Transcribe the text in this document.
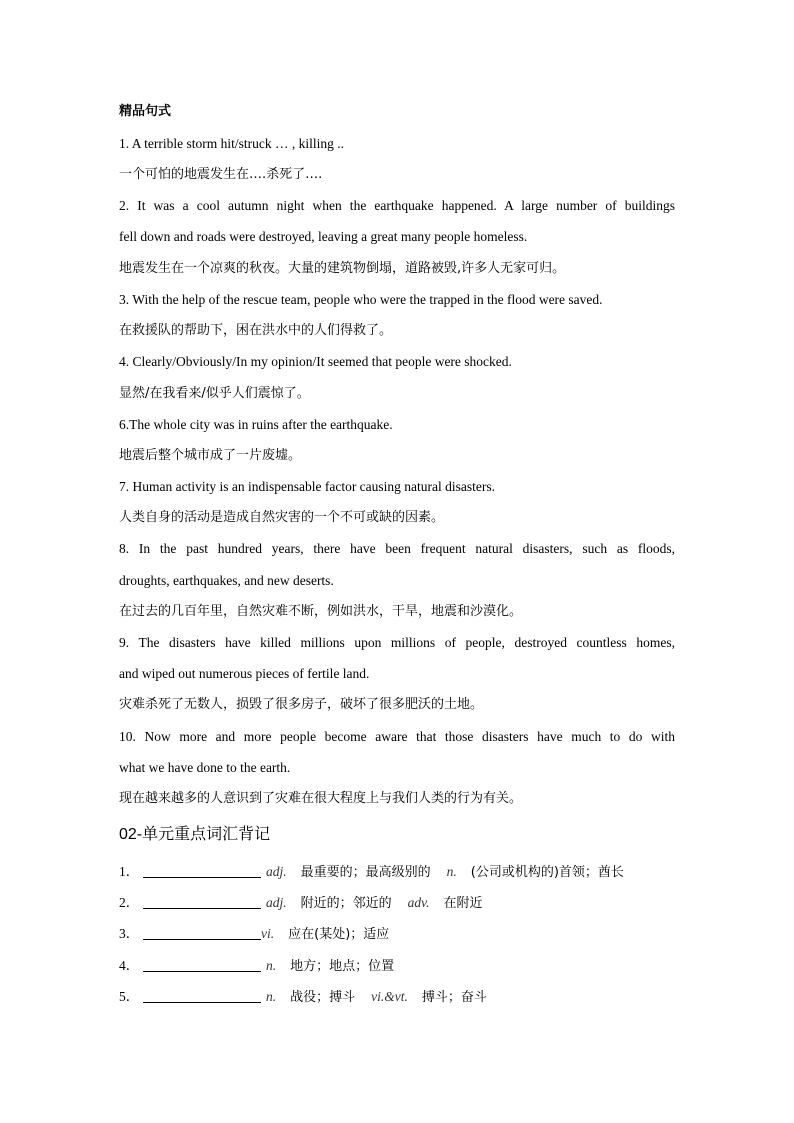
精品句式
1. A terrible storm hit/struck … , killing ..
一个可怕的地震发生在….杀死了….
2. It was a cool autumn night when the earthquake happened. A large number of buildings
fell down and roads were destroyed, leaving a great many people homeless.
地震发生在一个凉爽的秋夜。大量的建筑物倒塌，道路被毁,许多人无家可归。
3. With the help of the rescue team, people who were the trapped in the flood were saved.
在救援队的帮助下，困在洪水中的人们得救了。
4. Clearly/Obviously/In my opinion/It seemed that people were shocked.
显然/在我看来/似乎人们震惊了。
6.The whole city was in ruins after the earthquake.
地震后整个城市成了一片废墟。
7. Human activity is an indispensable factor causing natural disasters.
人类自身的活动是造成自然灾害的一个不可或缺的因素。
8. In the past hundred years, there have been frequent natural disasters, such as floods,
droughts, earthquakes, and new deserts.
在过去的几百年里，自然灾难不断，例如洪水，干旱，地震和沙漠化。
9. The disasters have killed millions upon millions of people, destroyed countless homes,
and wiped out numerous pieces of fertile land.
灾难杀死了无数人，损毁了很多房子，破坏了很多肥沃的土地。
10. Now more and more people become aware that those disasters have much to do with
what we have done to the earth.
现在越来越多的人意识到了灾难在很大程度上与我们人类的行为有关。
02-单元重点词汇背记
1．	adj. 最重要的；最高级别的 n. (公司或机构的)首领；酋长
2．	adj. 附近的；邻近的 adv. 在附近
3．	vi. 应在(某处)；适应
4．	n. 地方；地点；位置
5．	n. 战役；搏斗 vi.&vt. 搏斗；奋斗
